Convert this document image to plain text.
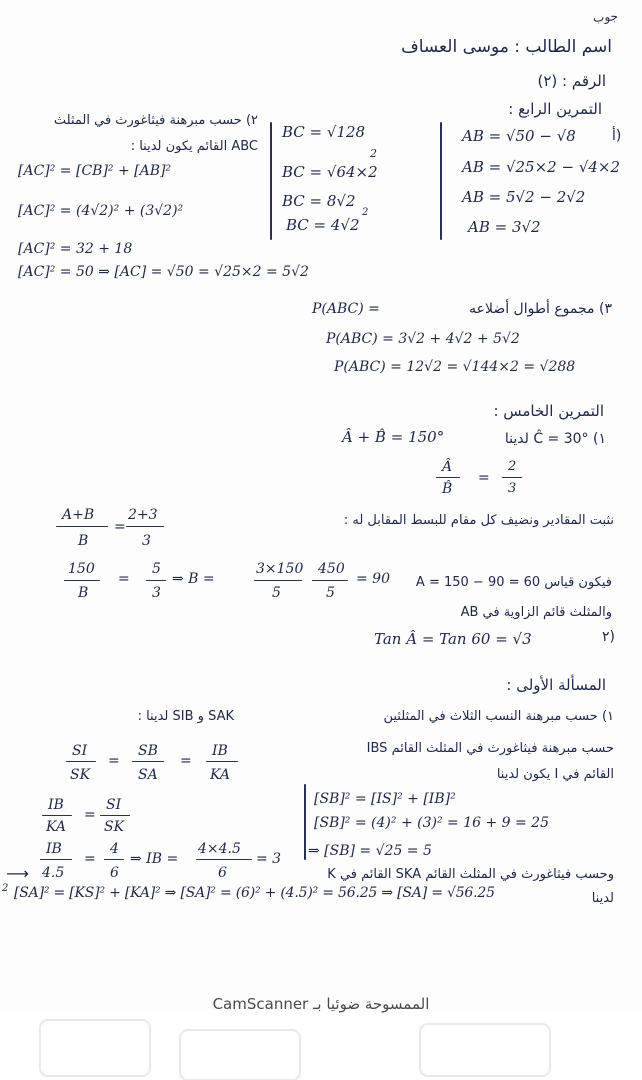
جوب
اسم الطالب : موسى العساف
الرقم : (٢)
التمرين الرابع :
أ)
AB = √50 − √8
AB = √25×2 − √4×2
AB = 5√2 − 2√2
AB = 3√2
BC = √128
2
BC = √64×2
BC = 8√2
2
BC = 4√2
٢) حسب مبرهنة فيثاغورث في المثلث
ABC القائم يكون لدينا :
[AC]² = [CB]² + [AB]²
[AC]² = (4√2)² + (3√2)²
[AC]² = 32 + 18
[AC]² = 50 ⇒ [AC] = √50 = √25×2 = 5√2
٣) مجموع أطوال أضلاعه
P(ABC) =
P(ABC) = 3√2 + 4√2 + 5√2
P(ABC) = 12√2 = √144×2 = √288
التمرين الخامس :
١) Ĉ = 30° لدينا
Â + B̂ = 150°
Â
B̂
=
2
3
نثبت المقادير ونضيف كل مقام للبسط المقابل له :
A+B
B
=
2+3
3
150
B
=
5
3
⇒ B =
3×150
5
450
5
= 90 فيكون قياس A = 150 − 90 = 60
والمثلث قائم الزاوية في AB
٢)
Tan Â = Tan 60 = √3
المسألة الأولى :
١) حسب مبرهنة النسب الثلاث في المثلثين
SAK و SIB لدينا :
SI
SK
=
SB
SA
=
IB
KA
حسب مبرهنة فيثاغورث في المثلث القائم IBS
القائم في I يكون لدينا
[SB]² = [IS]² + [IB]²
[SB]² = (4)² + (3)² = 16 + 9 = 25
⇒ [SB] = √25 = 5
IB
KA
=
SI
SK
IB
4.5
=
4
6
⇒ IB =
4×4.5
6
= 3
⟶
2
وحسب فيثاغورث في المثلث القائم SKA القائم في K
لدينا
[SA]² = [KS]² + [KA]² ⇒ [SA]² = (6)² + (4.5)² = 56.25 ⇒ [SA] = √56.25
الممسوحة ضوئيا بـ CamScanner
